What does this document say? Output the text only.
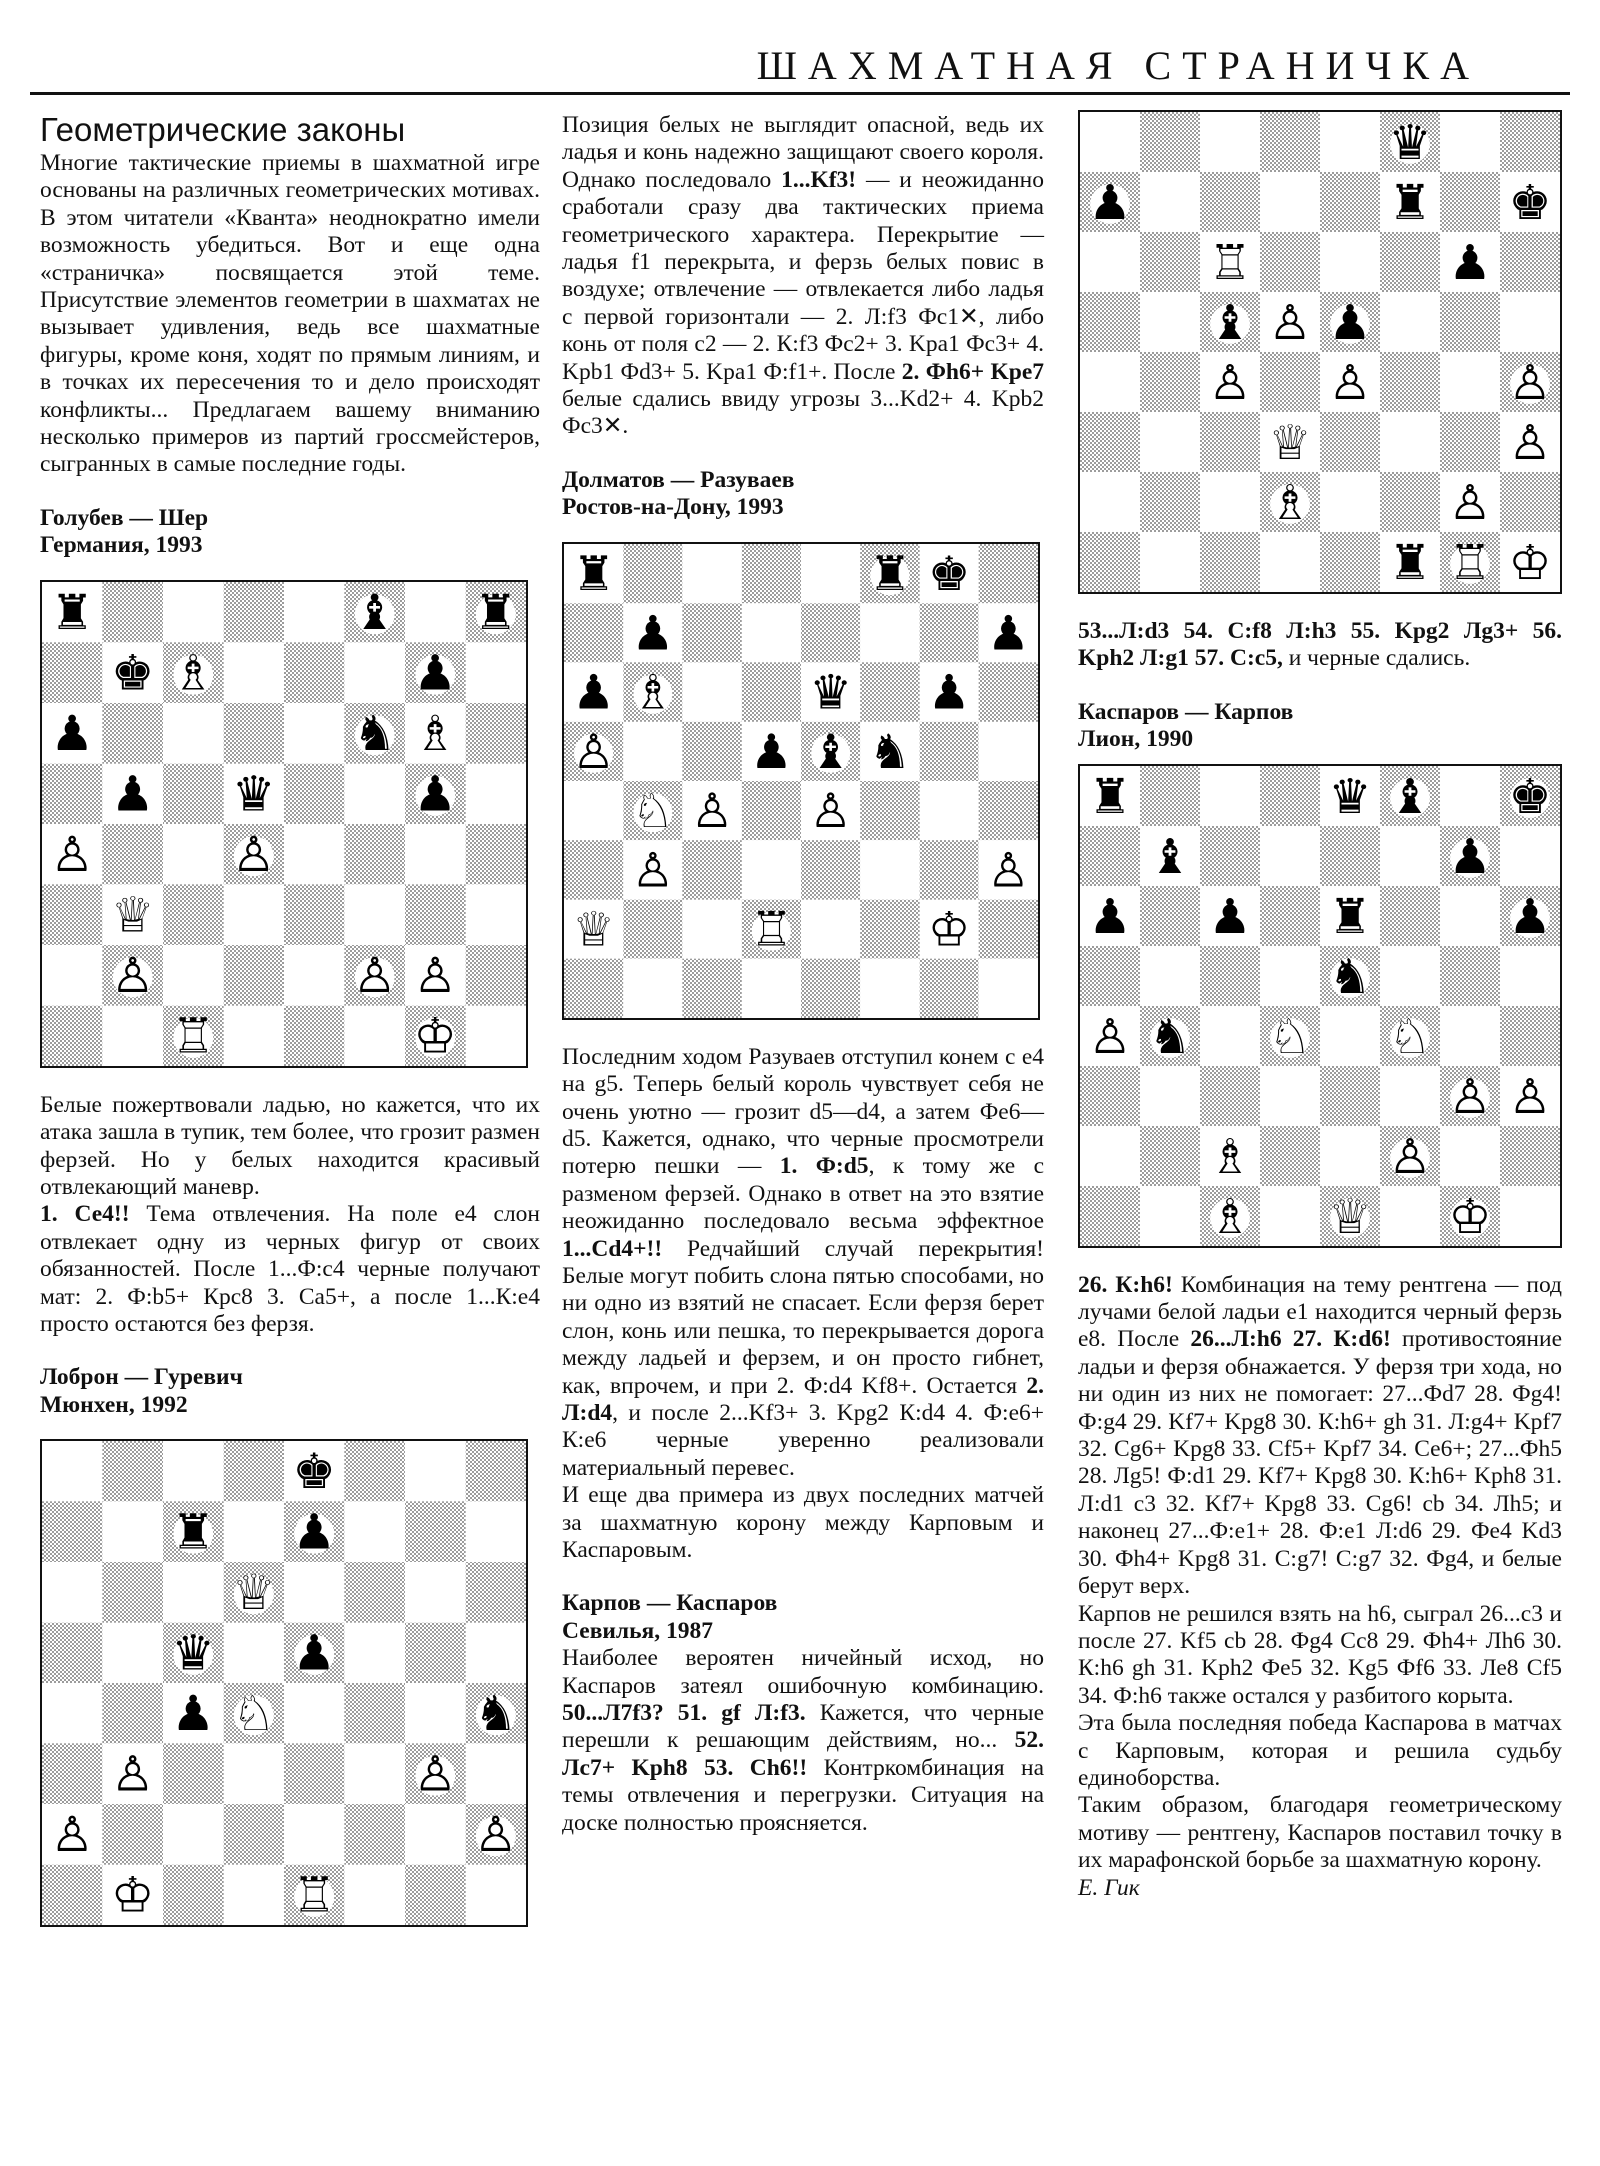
ШАХМАТНАЯ СТРАНИЧКА
Геометрические законы

Многие тактические приемы в шахматной игре основаны на различных геометрических мотивах. В этом читатели «Кванта» неоднократно имели возможность убедиться. Вот и еще одна «страничка» посвящается этой теме. Присутствие элементов геометрии в шахматах не вызывает удивления, ведь все шахматные фигуры, кроме коня, ходят по прямым линиям, и в точках их пересечения то и дело происходят конфликты... Предлагаем вашему вниманию несколько примеров из партий гроссмейстеров, сыгранных в самые последние годы.

Голубев — Шер

Германия, 1993

♜	♝ ♜
♚ ♗	♟
♟	♞ ♗
♟ ♛	♟
♙	♙
♕
♙	♙ ♙
♖	♔

Белые пожертвовали ладью, но кажется, что их атака зашла в тупик, тем более, что грозит размен ферзей. Но у белых находится красивый отвлекающий маневр.

1. Се4!! Тема отвлечения. На поле е4 слон отвлекает одну из черных фигур от своих обязанностей. После 1...Ф:с4 черные получают мат: 2. Ф:b5+ Крс8 3. Са5+, а после 1...К:е4 просто остаются без ферзя.

Лоброн — Гуревич

Мюнхен, 1992

♚
♜ ♟
♕
♛ ♟
♟ ♘	♞
♙	♙
♙	♙
♔	♖

Позиция белых не выглядит опасной, ведь их ладья и конь надежно защищают своего короля. Однако последовало 1...Kf3! — и неожиданно сработали сразу два тактических приема геометрического характера. Перекрытие — ладья f1 перекрыта, и ферзь белых повис в воздухе; отвлечение — отвлекается либо ладья с первой горизонтали — 2. Л:f3 Фс1✕, либо конь от поля с2 — 2. К:f3 Фс2+ 3. Kpa1 Фс3+ 4. Kpb1 Фd3+ 5. Kpa1 Ф:f1+. После 2. Фh6+ Kpe7 белые сдались ввиду угрозы 3...Kd2+ 4. Kpb2 Фс3✕.

Долматов — Разуваев

Ростов-на-Дону, 1993

♜	♜ ♚
♟	♟
♟ ♗	♛ ♟
♙	♟ ♝ ♞
♘ ♙ ♙
♙	♙
♕	♖	♔

Последним ходом Разуваев отступил конем с е4 на g5. Теперь белый король чувствует себя не очень уютно — грозит d5—d4, а затем Фе6—d5. Кажется, однако, что черные просмотрели потерю пешки — 1. Ф:d5, к тому же с разменом ферзей. Однако в ответ на это взятие неожиданно последовало весьма эффектное 1...Cd4+!! Редчайший случай перекрытия! Белые могут побить слона пятью способами, но ни одно из взятий не спасает. Если ферзя берет слон, конь или пешка, то перекрывается дорога между ладьей и ферзем, и он просто гибнет, как, впрочем, и при 2. Ф:d4 Kf8+. Остается 2. Л:d4, и после 2...Kf3+ 3. Kpg2 К:d4 4. Ф:е6+ К:е6 черные уверенно реализовали материальный перевес.

И еще два примера из двух последних матчей за шахматную корону между Карповым и Каспаровым.

Карпов — Каспаров

Севилья, 1987

Наиболее вероятен ничейный исход, но Каспаров затеял ошибочную комбинацию. 50...Л7f3? 51. gf Л:f3. Кажется, что черные перешли к решающим действиям, но... 52. Лс7+ Kph8 53. Ch6!! Контркомбинация на темы отвлечения и перегрузки. Ситуация на доске полностью проясняется.

♛
♟	♜ ♚
♖	♟
♝ ♙ ♟
♙ ♙	♙
♕	♙
♗	♙
♜ ♖ ♔

53...Л:d3 54. С:f8 Л:h3 55. Kpg2 Лg3+ 56. Kph2 Л:g1 57. С:с5, и черные сдались.

Каспаров — Карпов

Лион, 1990

♜	♛ ♝ ♚
♝	♟
♟ ♟ ♜	♟
♞
♙ ♞ ♘ ♘
♙ ♙
♗	♙
♗ ♕ ♔

26. К:h6! Комбинация на тему рентгена — под лучами белой ладьи е1 находится черный ферзь е8. После 26...Л:h6 27. К:d6! противостояние ладьи и ферзя обнажается. У ферзя три хода, но ни один из них не помогает: 27...Фd7 28. Фg4! Ф:g4 29. Kf7+ Kpg8 30. К:h6+ gh 31. Л:g4+ Kpf7 32. Cg6+ Kpg8 33. Cf5+ Kpf7 34. Се6+; 27...Фh5 28. Лg5! Ф:d1 29. Kf7+ Kpg8 30. К:h6+ Kph8 31. Л:d1 с3 32. Kf7+ Kpg8 33. Cg6! cb 34. Лh5; и наконец 27...Ф:е1+ 28. Ф:е1 Л:d6 29. Фе4 Kd3 30. Фh4+ Kpg8 31. С:g7! С:g7 32. Фg4, и белые берут верх.

Карпов не решился взять на h6, сыграл 26...с3 и после 27. Kf5 cb 28. Фg4 Сс8 29. Фh4+ Лh6 30. К:h6 gh 31. Kph2 Фе5 32. Kg5 Фf6 33. Ле8 Cf5 34. Ф:h6 также остался у разбитого корыта.

Эта была последняя победа Каспарова в матчах с Карповым, которая и решила судьбу единоборства.

Таким образом, благодаря геометрическому мотиву — рентгену, Каспаров поставил точку в их марафонской борьбе за шахматную корону.

Е. Гик
